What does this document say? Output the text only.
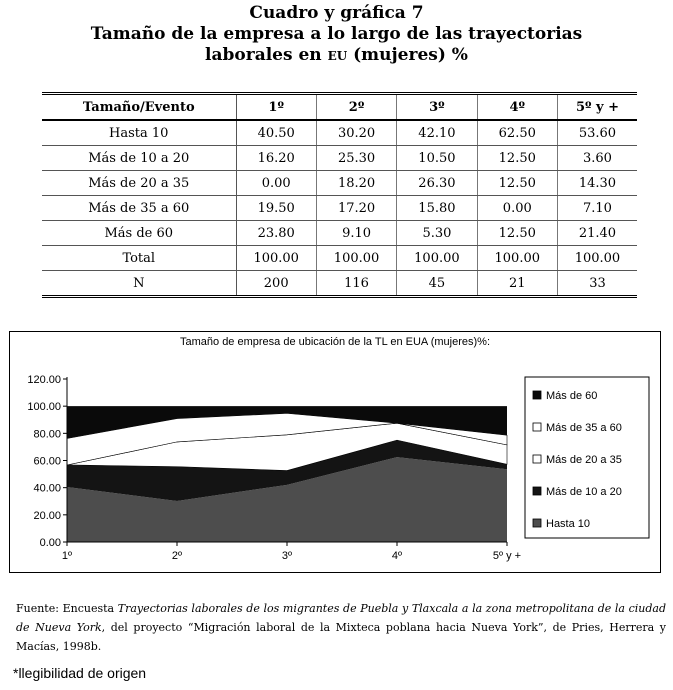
Cuadro y gráfica 7
Tamaño de la empresa a lo largo de las trayectorias
laborales en EU (mujeres) %
Tamaño/Evento	1º	2º	3º	4º	5º y +
Hasta 10	40.50	30.20	42.10	62.50	53.60
Más de 10 a 20	16.20	25.30	10.50	12.50	3.60
Más de 20 a 35	0.00	18.20	26.30	12.50	14.30
Más de 35 a 60	19.50	17.20	15.80	0.00	7.10
Más de 60	23.80	9.10	5.30	12.50	21.40
Total	100.00	100.00	100.00	100.00	100.00
N	200	116	45	21	33
Tamaño de empresa de ubicación de la TL en EUA (mujeres)%:
0.00
20.00
40.00
60.00
80.00
100.00
120.00
1º	2º	3º	4º	5º y +
Más de 60
Más de 35 a 60
Más de 20 a 35
Más de 10 a 20
Hasta 10
Fuente: Encuesta Trayectorias laborales de los migrantes de Puebla y Tlaxcala a la zona metropolitana de la ciudad de Nueva York, del proyecto “Migración laboral de la Mixteca poblana hacia Nueva York”, de Pries, Herrera y Macías, 1998b.
*llegibilidad de origen
